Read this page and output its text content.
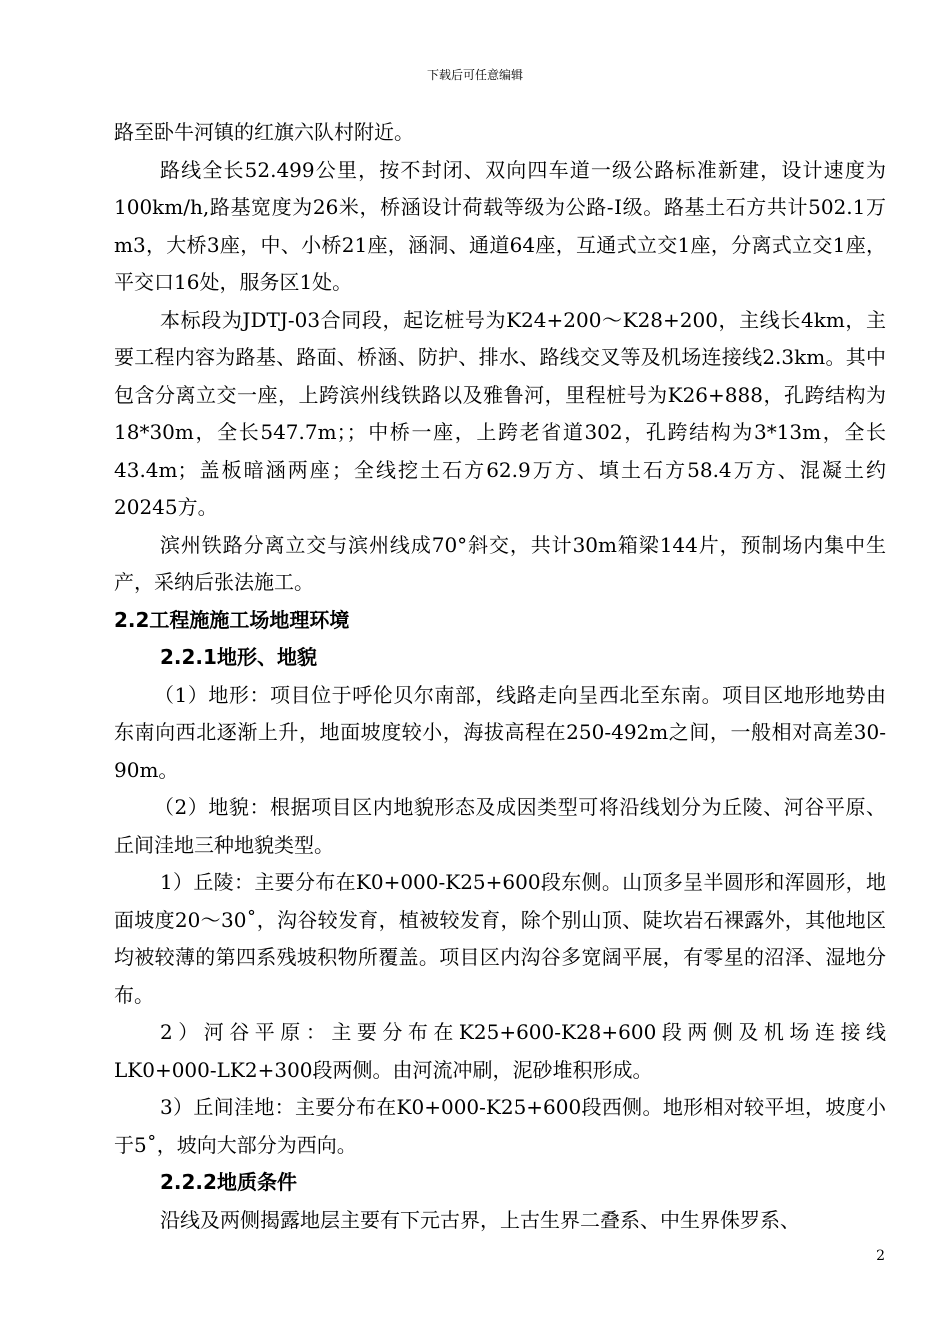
下载后可任意编辑

路至卧牛河镇的红旗六队村附近。

路线全长52.499公里，按不封闭、双向四车道一级公路标准新建，设计速度为100km/h,路基宽度为26米，桥涵设计荷载等级为公路-Ⅰ级。路基土石方共计502.1万m3，大桥3座，中、小桥21座，涵洞、通道64座，互通式立交1座，分离式立交1座，平交口16处，服务区1处。

本标段为JDTJ-03合同段，起讫桩号为K24+200～K28+200，主线长4km，主要工程内容为路基、路面、桥涵、防护、排水、路线交叉等及机场连接线2.3km。其中包含分离立交一座，上跨滨州线铁路以及雅鲁河，里程桩号为K26+888，孔跨结构为18*30m，全长547.7m；；中桥一座，上跨老省道302，孔跨结构为3*13m，全长43.4m；盖板暗涵两座；全线挖土石方62.9万方、填土石方58.4万方、混凝土约20245方。

滨州铁路分离立交与滨州线成70°斜交，共计30m箱梁144片，预制场内集中生产，采纳后张法施工。

2.2工程施施工场地理环境

2.2.1地形、地貌

（1）地形：项目位于呼伦贝尔南部，线路走向呈西北至东南。项目区地形地势由东南向西北逐渐上升，地面坡度较小，海拔高程在250-492m之间，一般相对高差30-90m。

（2）地貌：根据项目区内地貌形态及成因类型可将沿线划分为丘陵、河谷平原、丘间洼地三种地貌类型。

1）丘陵：主要分布在K0+000-K25+600段东侧。山顶多呈半圆形和浑圆形，地面坡度20～30˚，沟谷较发育，植被较发育，除个别山顶、陡坎岩石裸露外，其他地区均被较薄的第四系残坡积物所覆盖。项目区内沟谷多宽阔平展，有零星的沼泽、湿地分布。

2）河谷平原：主要分布在K25+600-K28+600段两侧及机场连接线

LK0+000-LK2+300段两侧。由河流冲刷，泥砂堆积形成。

3）丘间洼地：主要分布在K0+000-K25+600段西侧。地形相对较平坦，坡度小于5˚，坡向大部分为西向。

2.2.2地质条件

沿线及两侧揭露地层主要有下元古界，上古生界二叠系、中生界侏罗系、

2
